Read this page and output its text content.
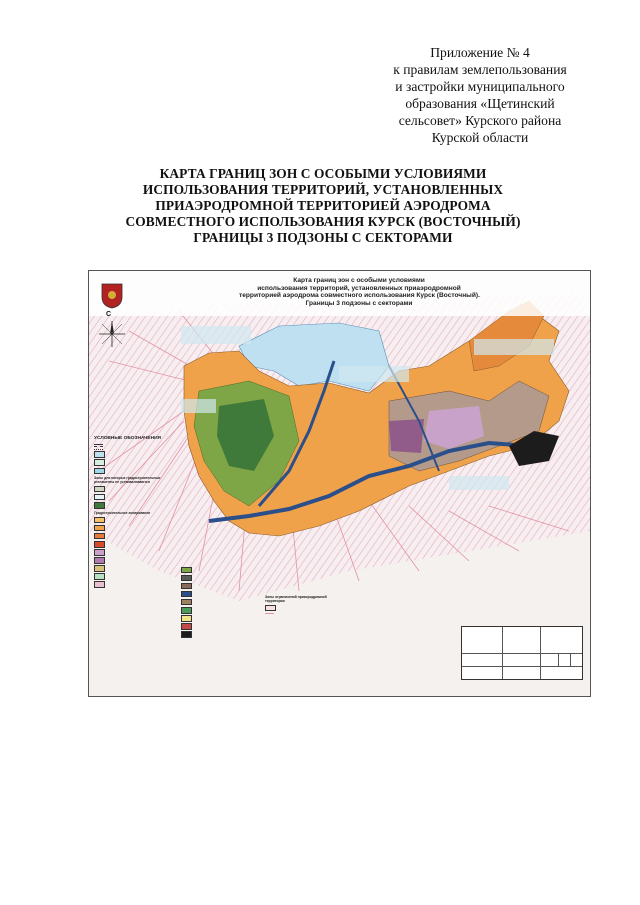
Приложение № 4
к правилам землепользования
и застройки муниципального
образования «Щетинский
сельсовет» Курского района
Курской области
КАРТА ГРАНИЦ ЗОН С ОСОБЫМИ УСЛОВИЯМИ
ИСПОЛЬЗОВАНИЯ ТЕРРИТОРИЙ, УСТАНОВЛЕННЫХ
ПРИАЭРОДРОМНОЙ ТЕРРИТОРИЕЙ АЭРОДРОМА
СОВМЕСТНОГО ИСПОЛЬЗОВАНИЯ КУРСК (ВОСТОЧНЫЙ)
ГРАНИЦЫ 3 ПОДЗОНЫ С СЕКТОРАМИ
Карта границ зон с особыми условиями
использования территорий, установленных приаэродромной
территорией аэродрома совместного использования Курск (Восточный).
Границы 3 подзоны с секторами
С
УСЛОВНЫЕ ОБОЗНАЧЕНИЯ
Зоны для которых градостроительные регламенты не устанавливаются
Градостроительное зонирование
Зоны ограничений приаэродромной территории
